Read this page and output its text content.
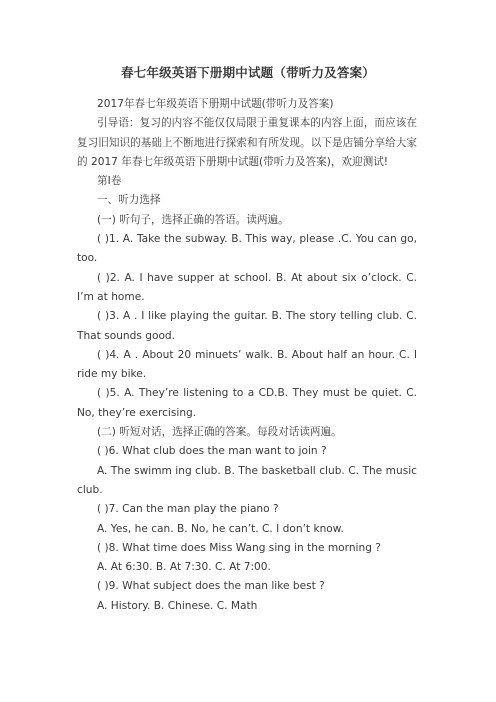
春七年级英语下册期中试题（带听力及答案）

2017年春七年级英语下册期中试题(带听力及答案)

引导语：复习的内容不能仅仅局限于重复课本的内容上面，而应该在复习旧知识的基础上不断地进行探索和有所发现。以下是店铺分享给大家的 2017 年春七年级英语下册期中试题(带听力及答案)，欢迎测试!

第Ⅰ卷

一、听力选择

(一) 听句子，选择正确的答语。读两遍。

( )1. A. Take the subway. B. This way, please .C. You can go, too.

( )2. A. I have supper at school. B. At about six o’clock. C. I’m at home.

( )3. A . I like playing the guitar. B. The story telling club. C. That sounds good.

( )4. A . About 20 minuets’ walk. B. About half an hour. C. I ride my bike.

( )5. A. They’re listening to a CD.B. They must be quiet. C. No, they’re exercising.

(二) 听短对话，选择正确的答案。每段对话读两遍。

( )6. What club does the man want to join ?

A. The swimm ing club. B. The basketball club. C. The music club.

( )7. Can the man play the piano ?

A. Yes, he can. B. No, he can’t. C. I don’t know.

( )8. What time does Miss Wang sing in the morning ?

A. At 6:30. B. At 7:30. C. At 7:00.

( )9. What subject does the man like best ?

A. History. B. Chinese. C. Math
